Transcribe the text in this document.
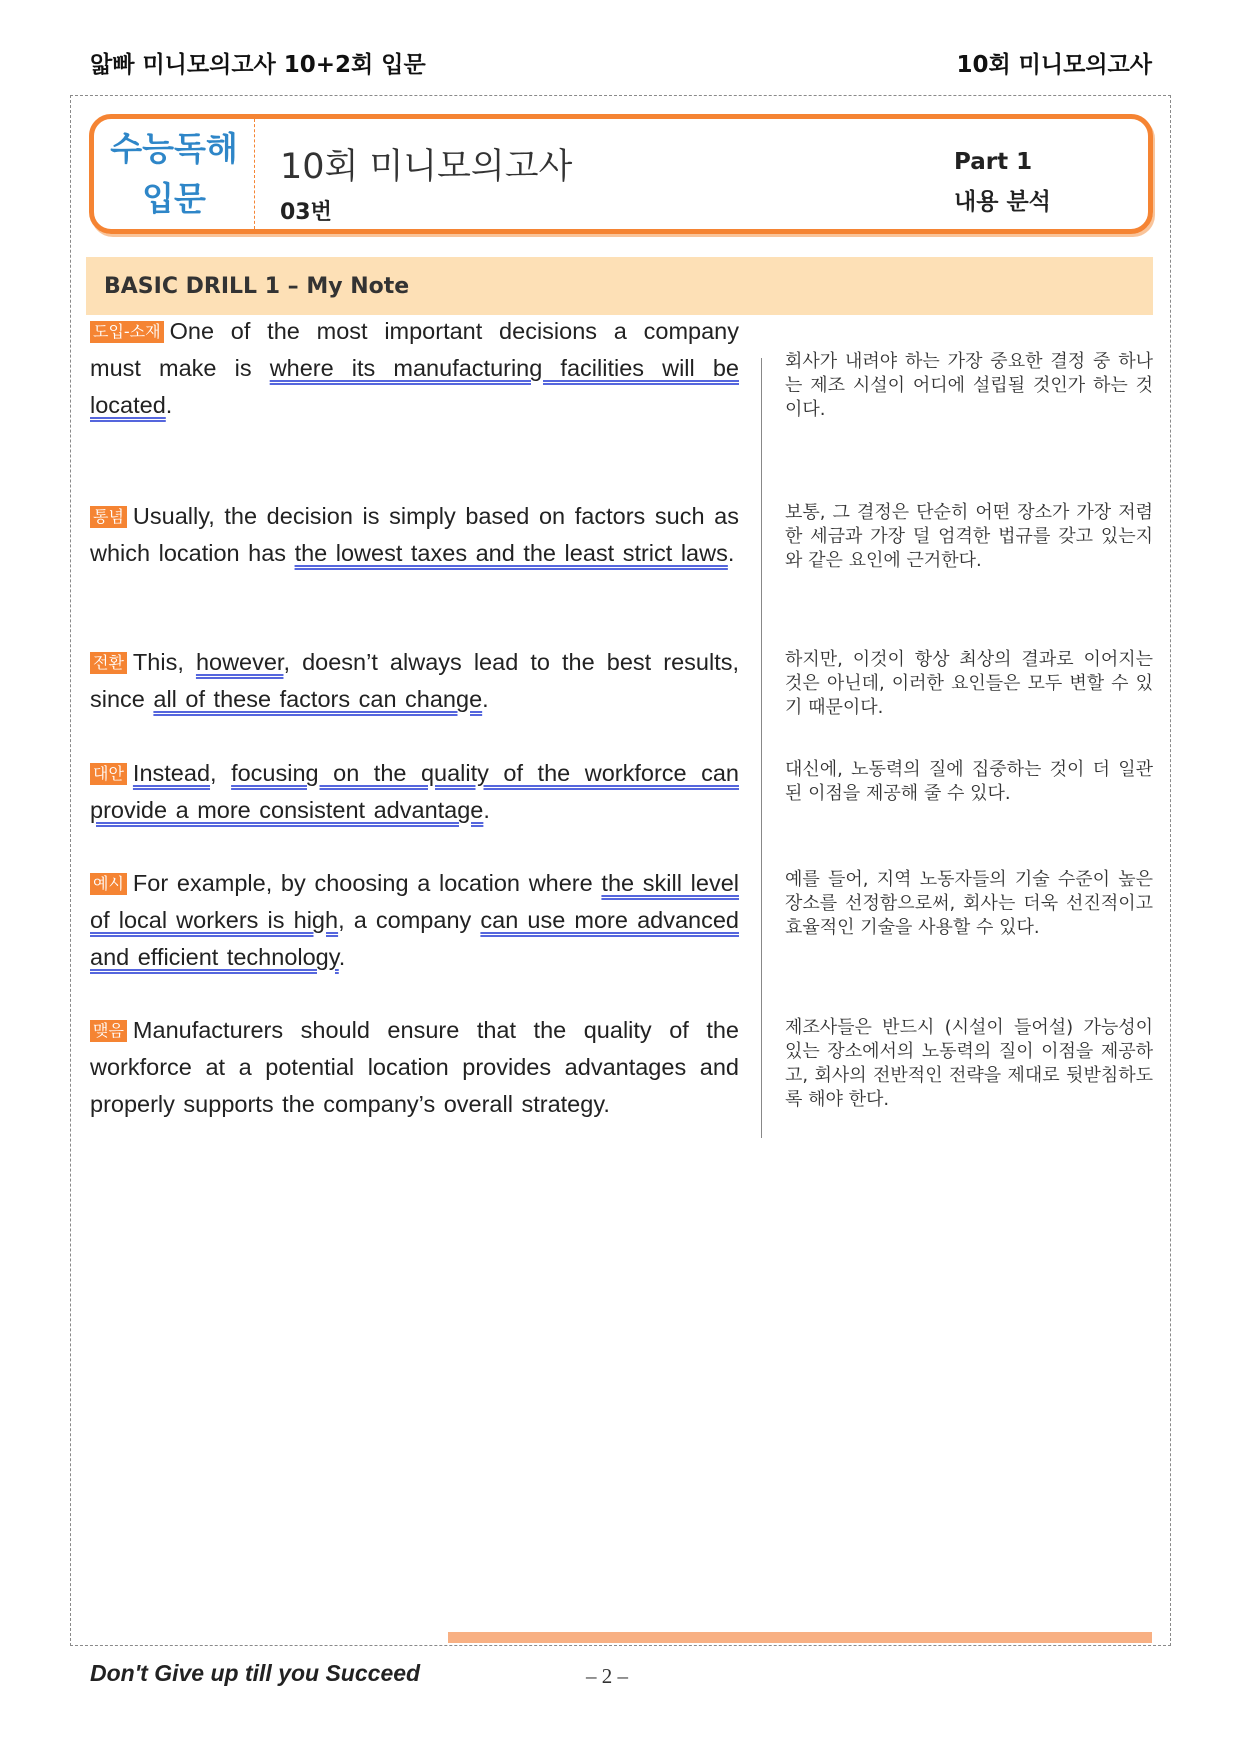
앏빠 미니모의고사 10+2회 입문	10회 미니모의고사
수능독해
입문
10회 미니모의고사
03번
Part 1
내용 분석
BASIC DRILL 1 – My Note
도입-소재 One of the most important decisions a company must make is where its manufacturing facilities will be located.
회사가 내려야 하는 가장 중요한 결정 중 하나는 제조 시설이 어디에 설립될 것인가 하는 것이다.
통념 Usually, the decision is simply based on factors such as which location has the lowest taxes and the least strict laws.
보통, 그 결정은 단순히 어떤 장소가 가장 저렴한 세금과 가장 덜 엄격한 법규를 갖고 있는지와 같은 요인에 근거한다.
전환 This, however, doesn’t always lead to the best results, since all of these factors can change.
하지만, 이것이 항상 최상의 결과로 이어지는 것은 아닌데, 이러한 요인들은 모두 변할 수 있기 때문이다.
대안 Instead, focusing on the quality of the workforce can provide a more consistent advantage.
대신에, 노동력의 질에 집중하는 것이 더 일관된 이점을 제공해 줄 수 있다.
예시 For example, by choosing a location where the skill level of local workers is high, a company can use more advanced and efficient technology.
예를 들어, 지역 노동자들의 기술 수준이 높은 장소를 선정함으로써, 회사는 더욱 선진적이고 효율적인 기술을 사용할 수 있다.
맺음 Manufacturers should ensure that the quality of the workforce at a potential location provides advantages and properly supports the company’s overall strategy.
제조사들은 반드시 (시설이 들어설) 가능성이 있는 장소에서의 노동력의 질이 이점을 제공하고, 회사의 전반적인 전략을 제대로 뒷받침하도록 해야 한다.
Don't Give up till you Succeed	– 2 –
